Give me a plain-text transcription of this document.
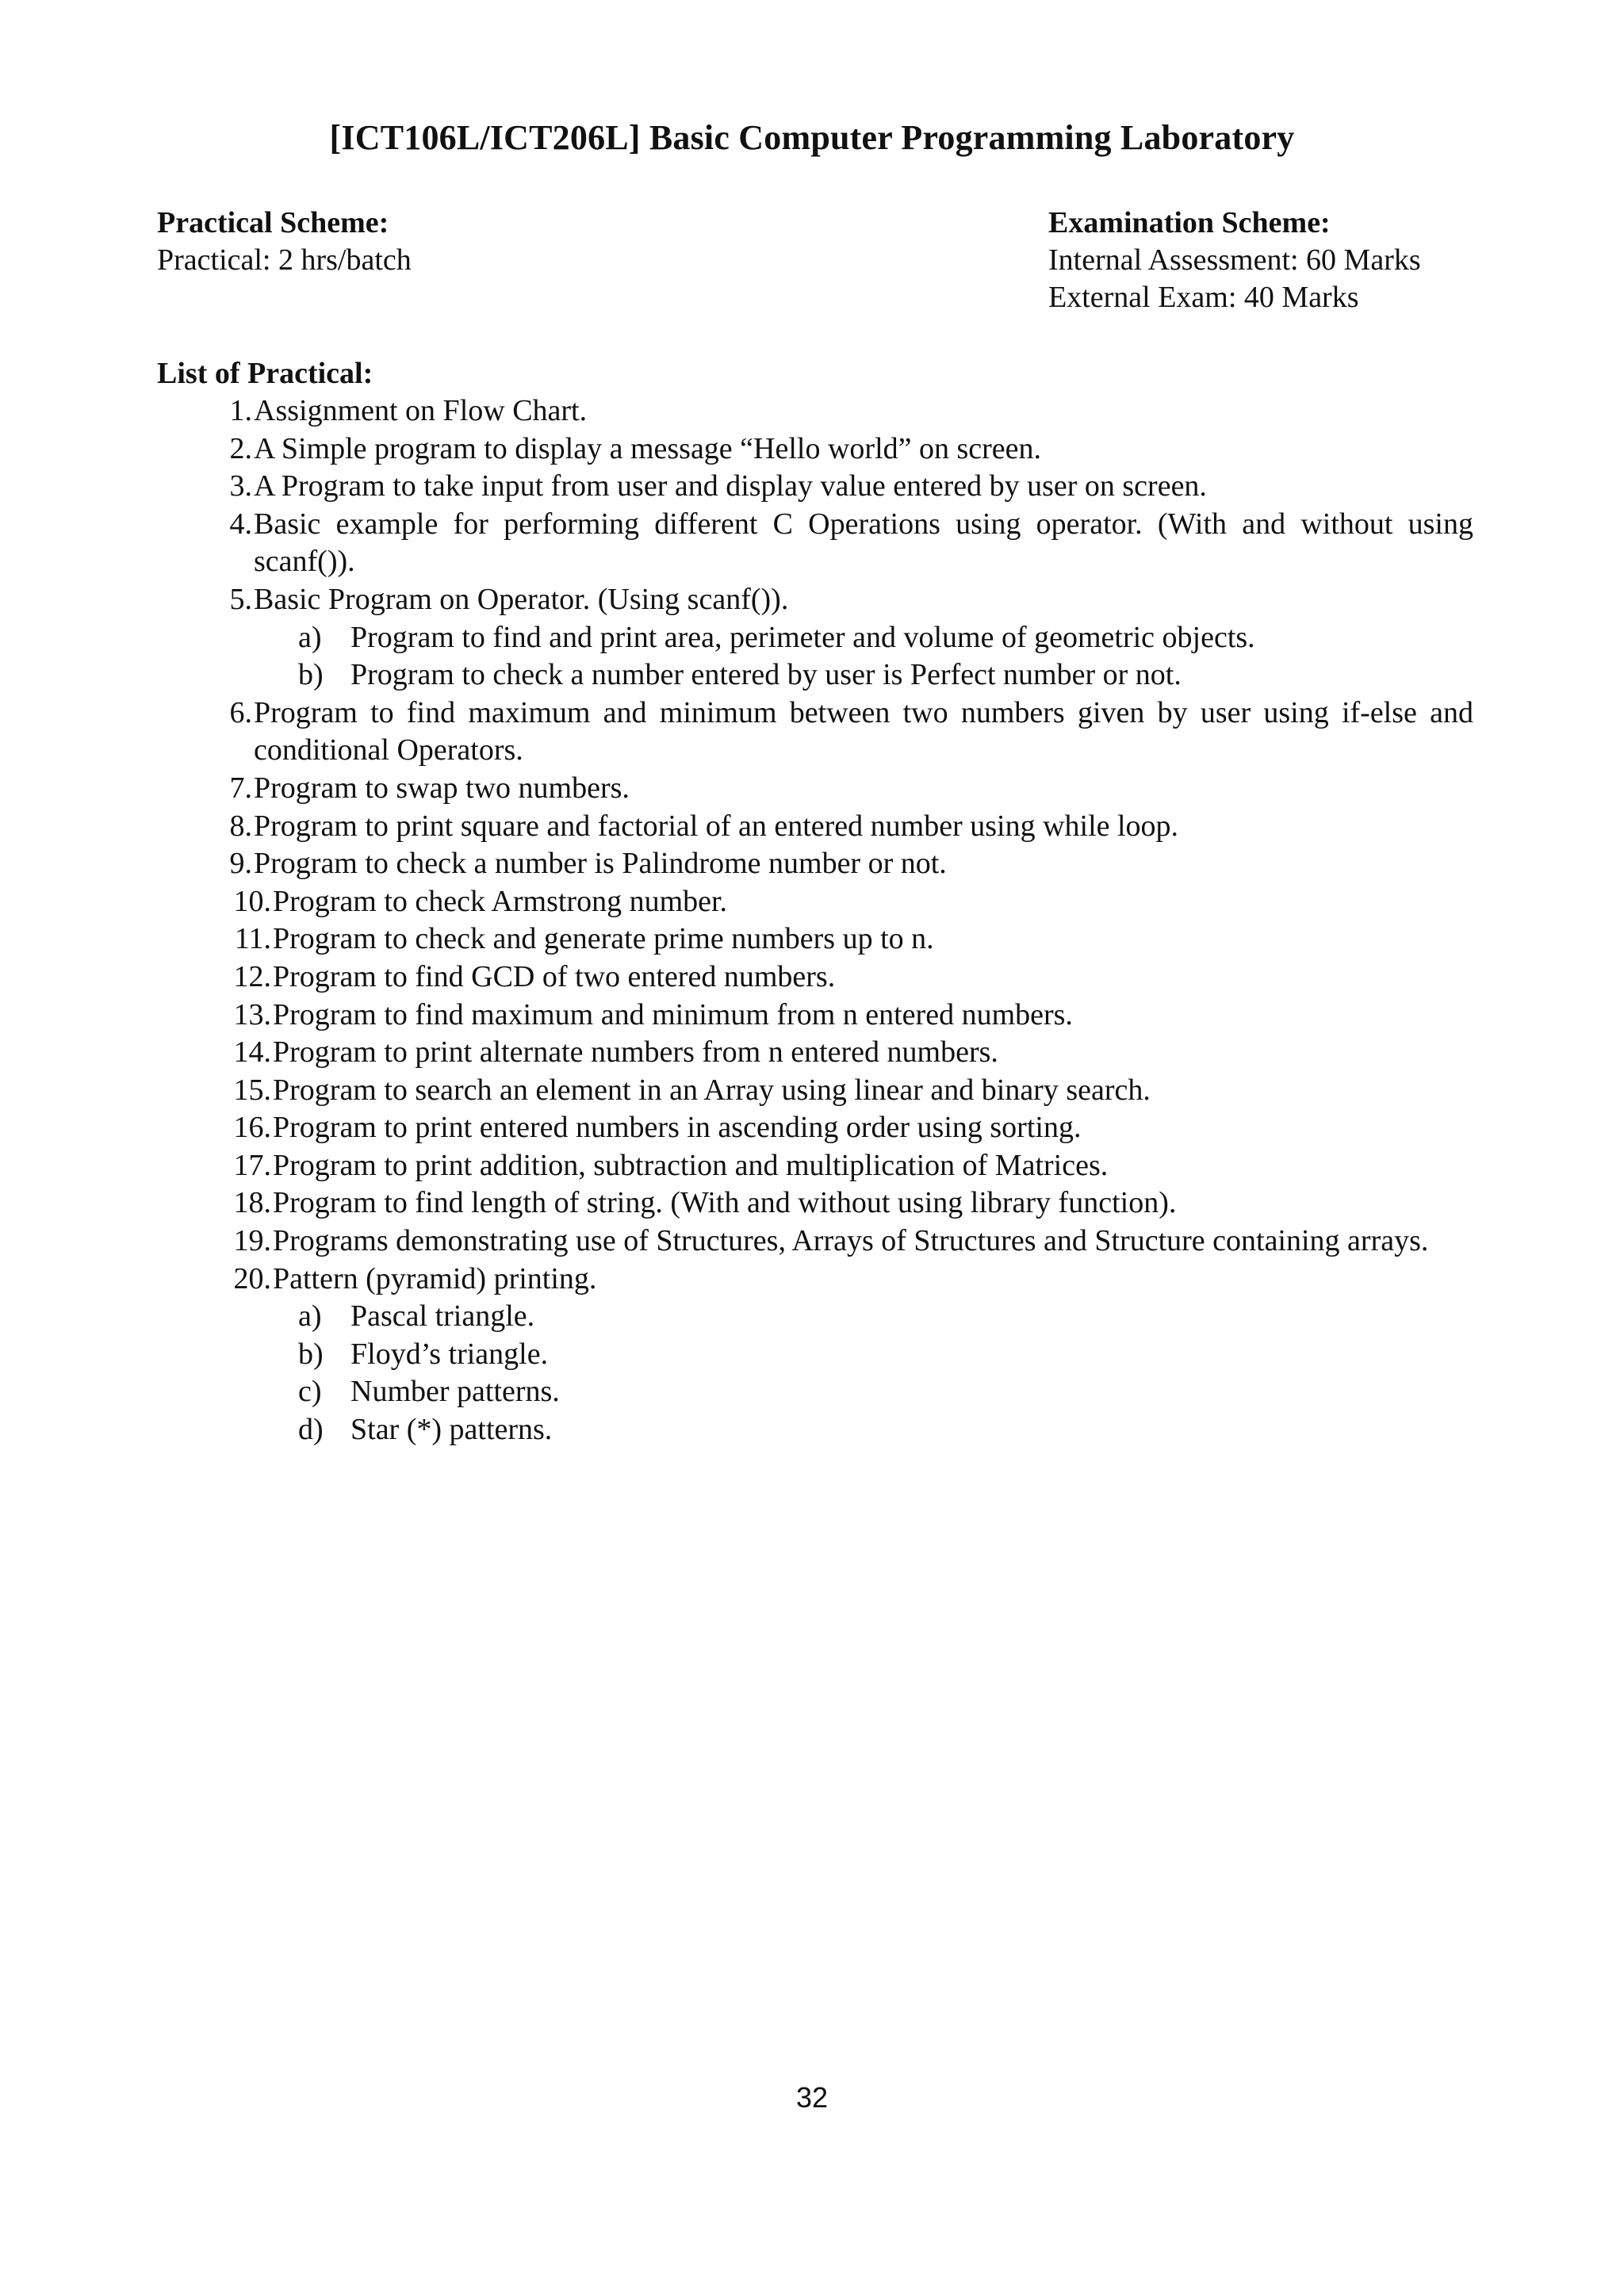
[ICT106L/ICT206L] Basic Computer Programming Laboratory
Practical Scheme:
Practical: 2 hrs/batch
Examination Scheme:
Internal Assessment: 60 Marks
External Exam: 40 Marks
List of Practical:
1. Assignment on Flow Chart.
2. A Simple program to display a message “Hello world” on screen.
3. A Program to take input from user and display value entered by user on screen.
4. Basic example for performing different C Operations using operator. (With and without using scanf()).
5. Basic Program on Operator. (Using scanf()).
a) Program to find and print area, perimeter and volume of geometric objects.
b) Program to check a number entered by user is Perfect number or not.
6. Program to find maximum and minimum between two numbers given by user using if-else and conditional Operators.
7. Program to swap two numbers.
8. Program to print square and factorial of an entered number using while loop.
9. Program to check a number is Palindrome number or not.
10. Program to check Armstrong number.
11. Program to check and generate prime numbers up to n.
12. Program to find GCD of two entered numbers.
13. Program to find maximum and minimum from n entered numbers.
14. Program to print alternate numbers from n entered numbers.
15. Program to search an element in an Array using linear and binary search.
16. Program to print entered numbers in ascending order using sorting.
17. Program to print addition, subtraction and multiplication of Matrices.
18. Program to find length of string. (With and without using library function).
19. Programs demonstrating use of Structures, Arrays of Structures and Structure containing arrays.
20. Pattern (pyramid) printing.
a) Pascal triangle.
b) Floyd’s triangle.
c) Number patterns.
d) Star (*) patterns.
32
